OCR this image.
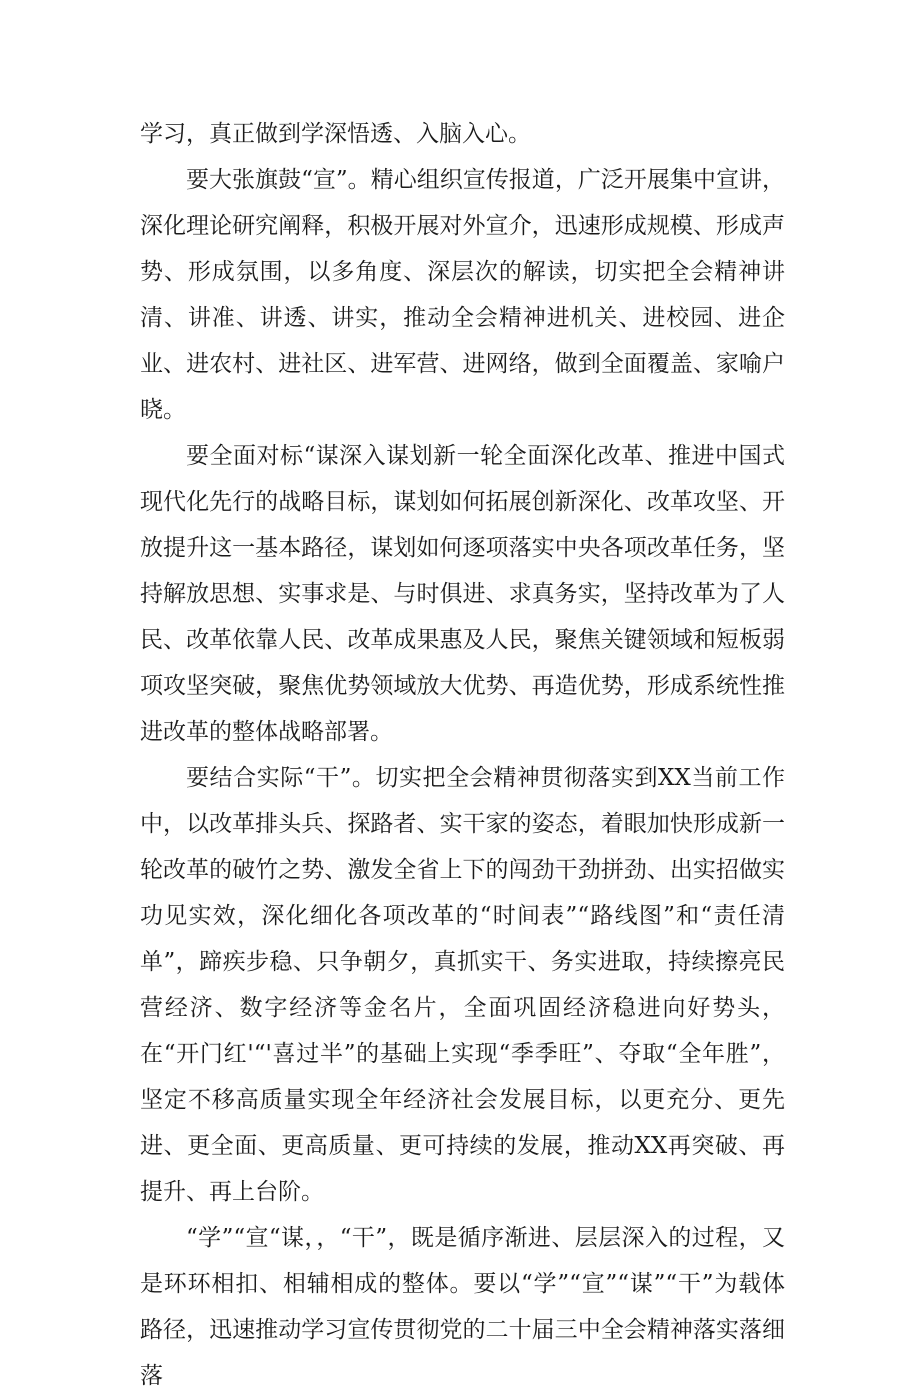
学习，真正做到学深悟透、入脑入心。

要大张旗鼓“宣”。精心组织宣传报道，广泛开展集中宣讲，深化理论研究阐释，积极开展对外宣介，迅速形成规模、形成声势、形成氛围，以多角度、深层次的解读，切实把全会精神讲清、讲准、讲透、讲实，推动全会精神进机关、进校园、进企业、进农村、进社区、进军营、进网络，做到全面覆盖、家喻户晓。

要全面对标“谋深入谋划新一轮全面深化改革、推进中国式现代化先行的战略目标，谋划如何拓展创新深化、改革攻坚、开放提升这一基本路径，谋划如何逐项落实中央各项改革任务，坚持解放思想、实事求是、与时俱进、求真务实，坚持改革为了人民、改革依靠人民、改革成果惠及人民，聚焦关键领域和短板弱项攻坚突破，聚焦优势领域放大优势、再造优势，形成系统性推进改革的整体战略部署。

要结合实际“干”。切实把全会精神贯彻落实到XX当前工作中，以改革排头兵、探路者、实干家的姿态，着眼加快形成新一轮改革的破竹之势、激发全省上下的闯劲干劲拼劲、出实招做实功见实效，深化细化各项改革的“时间表”“路线图”和“责任清单”，蹄疾步稳、只争朝夕，真抓实干、务实进取，持续擦亮民营经济、数字经济等金名片，全面巩固经济稳进向好势头，在“开门红'“'喜过半”的基础上实现“季季旺”、夺取“全年胜”，坚定不移高质量实现全年经济社会发展目标，以更充分、更先进、更全面、更高质量、更可持续的发展，推动XX再突破、再提升、再上台阶。

“学”“宣“谋，，“干”，既是循序渐进、层层深入的过程，又是环环相扣、相辅相成的整体。要以“学”“宣”“谋”“干”为载体路径，迅速推动学习宣传贯彻党的二十届三中全会精神落实落细落
